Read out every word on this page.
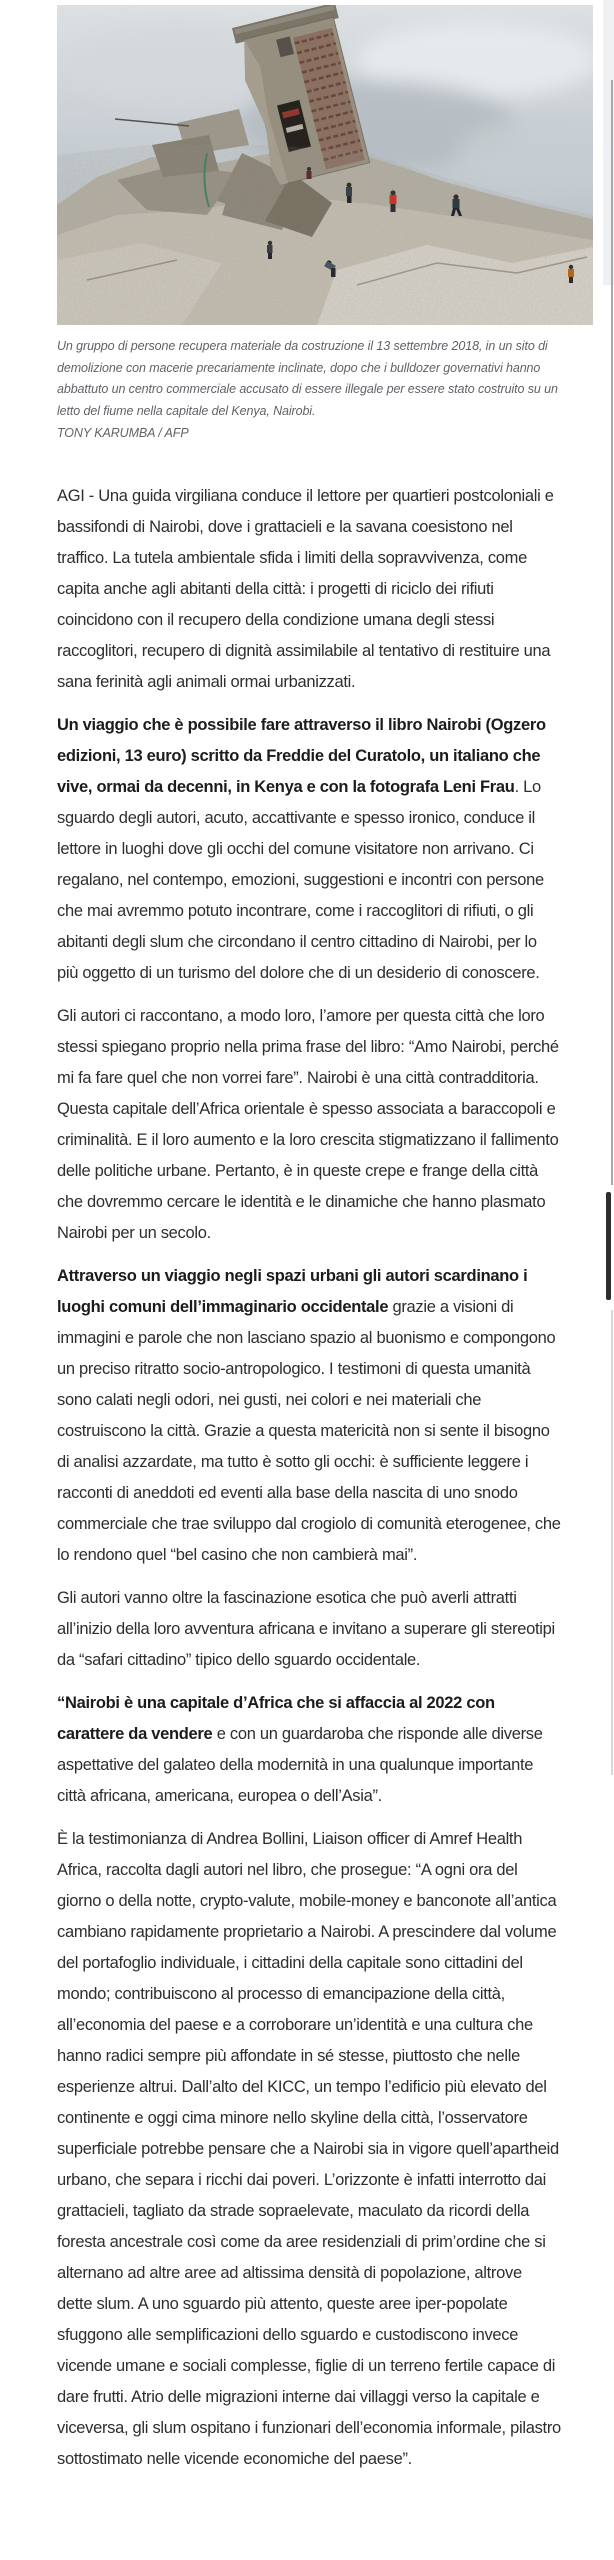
Un gruppo di persone recupera materiale da costruzione il 13 settembre 2018, in un sito di demolizione con macerie precariamente inclinate, dopo che i bulldozer governativi hanno abbattuto un centro commerciale accusato di essere illegale per essere stato costruito su un letto del fiume nella capitale del Kenya, Nairobi.
TONY KARUMBA / AFP

AGI - Una guida virgiliana conduce il lettore per quartieri postcoloniali e bassifondi di Nairobi, dove i grattacieli e la savana coesistono nel traffico. La tutela ambientale sfida i limiti della sopravvivenza, come capita anche agli abitanti della città: i progetti di riciclo dei rifiuti coincidono con il recupero della condizione umana degli stessi raccoglitori, recupero di dignità assimilabile al tentativo di restituire una sana ferinità agli animali ormai urbanizzati.

Un viaggio che è possibile fare attraverso il libro Nairobi (Ogzero edizioni, 13 euro) scritto da Freddie del Curatolo, un italiano che vive, ormai da decenni, in Kenya e con la fotografa Leni Frau. Lo sguardo degli autori, acuto, accattivante e spesso ironico, conduce il lettore in luoghi dove gli occhi del comune visitatore non arrivano. Ci regalano, nel contempo, emozioni, suggestioni e incontri con persone che mai avremmo potuto incontrare, come i raccoglitori di rifiuti, o gli abitanti degli slum che circondano il centro cittadino di Nairobi, per lo più oggetto di un turismo del dolore che di un desiderio di conoscere.

Gli autori ci raccontano, a modo loro, l’amore per questa città che loro stessi spiegano proprio nella prima frase del libro: “Amo Nairobi, perché mi fa fare quel che non vorrei fare”. Nairobi è una città contradditoria. Questa capitale dell’Africa orientale è spesso associata a baraccopoli e criminalità. E il loro aumento e la loro crescita stigmatizzano il fallimento delle politiche urbane. Pertanto, è in queste crepe e frange della città che dovremmo cercare le identità e le dinamiche che hanno plasmato Nairobi per un secolo.

Attraverso un viaggio negli spazi urbani gli autori scardinano i luoghi comuni dell’immaginario occidentale grazie a visioni di immagini e parole che non lasciano spazio al buonismo e compongono un preciso ritratto socio-antropologico. I testimoni di questa umanità sono calati negli odori, nei gusti, nei colori e nei materiali che costruiscono la città. Grazie a questa matericità non si sente il bisogno di analisi azzardate, ma tutto è sotto gli occhi: è sufficiente leggere i racconti di aneddoti ed eventi alla base della nascita di uno snodo commerciale che trae sviluppo dal crogiolo di comunità eterogenee, che lo rendono quel “bel casino che non cambierà mai”.

Gli autori vanno oltre la fascinazione esotica che può averli attratti all’inizio della loro avventura africana e invitano a superare gli stereotipi da “safari cittadino” tipico dello sguardo occidentale.

“Nairobi è una capitale d’Africa che si affaccia al 2022 con carattere da vendere e con un guardaroba che risponde alle diverse aspettative del galateo della modernità in una qualunque importante città africana, americana, europea o dell’Asia”.

È la testimonianza di Andrea Bollini, Liaison officer di Amref Health Africa, raccolta dagli autori nel libro, che prosegue: “A ogni ora del giorno o della notte, crypto-valute, mobile-money e banconote all’antica cambiano rapidamente proprietario a Nairobi. A prescindere dal volume del portafoglio individuale, i cittadini della capitale sono cittadini del mondo; contribuiscono al processo di emancipazione della città, all’economia del paese e a corroborare un’identità e una cultura che hanno radici sempre più affondate in sé stesse, piuttosto che nelle esperienze altrui. Dall’alto del KICC, un tempo l’edificio più elevato del continente e oggi cima minore nello skyline della città, l’osservatore superficiale potrebbe pensare che a Nairobi sia in vigore quell’apartheid urbano, che separa i ricchi dai poveri. L’orizzonte è infatti interrotto dai grattacieli, tagliato da strade sopraelevate, maculato da ricordi della foresta ancestrale così come da aree residenziali di prim’ordine che si alternano ad altre aree ad altissima densità di popolazione, altrove dette slum. A uno sguardo più attento, queste aree iper-popolate sfuggono alle semplificazioni dello sguardo e custodiscono invece vicende umane e sociali complesse, figlie di un terreno fertile capace di dare frutti. Atrio delle migrazioni interne dai villaggi verso la capitale e viceversa, gli slum ospitano i funzionari dell’economia informale, pilastro sottostimato nelle vicende economiche del paese”.
